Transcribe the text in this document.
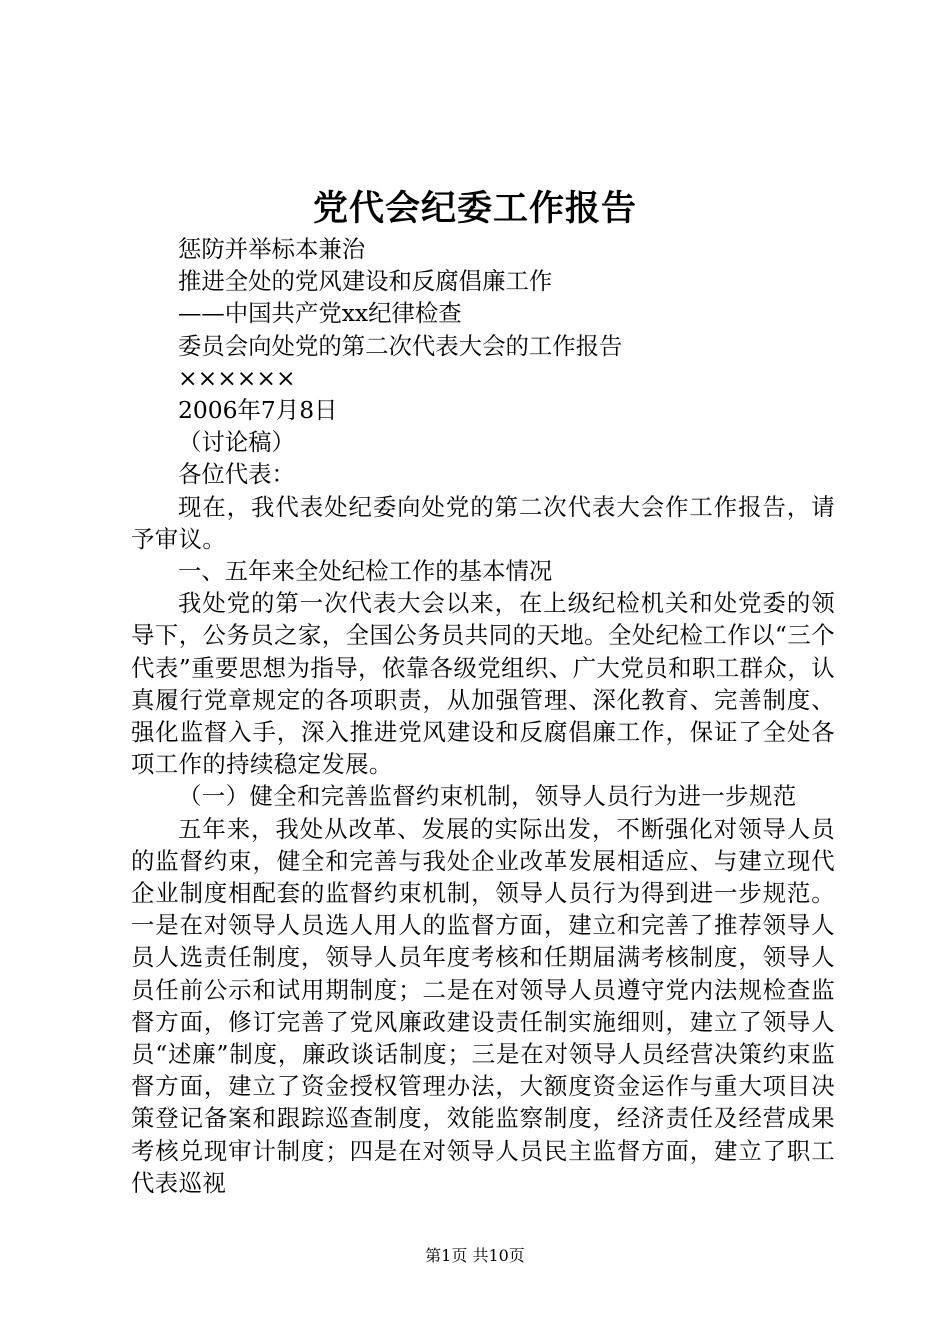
党代会纪委工作报告
惩防并举标本兼治
推进全处的党风建设和反腐倡廉工作
——中国共产党xx纪律检查
委员会向处党的第二次代表大会的工作报告
××××××
2006年7月8日
（讨论稿）
各位代表：
现在，我代表处纪委向处党的第二次代表大会作工作报告，请予审议。
一、五年来全处纪检工作的基本情况
我处党的第一次代表大会以来，在上级纪检机关和处党委的领导下，公务员之家，全国公务员共同的天地。全处纪检工作以“三个代表”重要思想为指导，依靠各级党组织、广大党员和职工群众，认真履行党章规定的各项职责，从加强管理、深化教育、完善制度、强化监督入手，深入推进党风建设和反腐倡廉工作，保证了全处各项工作的持续稳定发展。
（一）健全和完善监督约束机制，领导人员行为进一步规范
五年来，我处从改革、发展的实际出发，不断强化对领导人员的监督约束，健全和完善与我处企业改革发展相适应、与建立现代企业制度相配套的监督约束机制，领导人员行为得到进一步规范。一是在对领导人员选人用人的监督方面，建立和完善了推荐领导人员人选责任制度，领导人员年度考核和任期届满考核制度，领导人员任前公示和试用期制度；二是在对领导人员遵守党内法规检查监督方面，修订完善了党风廉政建设责任制实施细则，建立了领导人员“述廉”制度，廉政谈话制度；三是在对领导人员经营决策约束监督方面，建立了资金授权管理办法，大额度资金运作与重大项目决策登记备案和跟踪巡查制度，效能监察制度，经济责任及经营成果考核兑现审计制度；四是在对领导人员民主监督方面，建立了职工代表巡视
第1页 共10页
